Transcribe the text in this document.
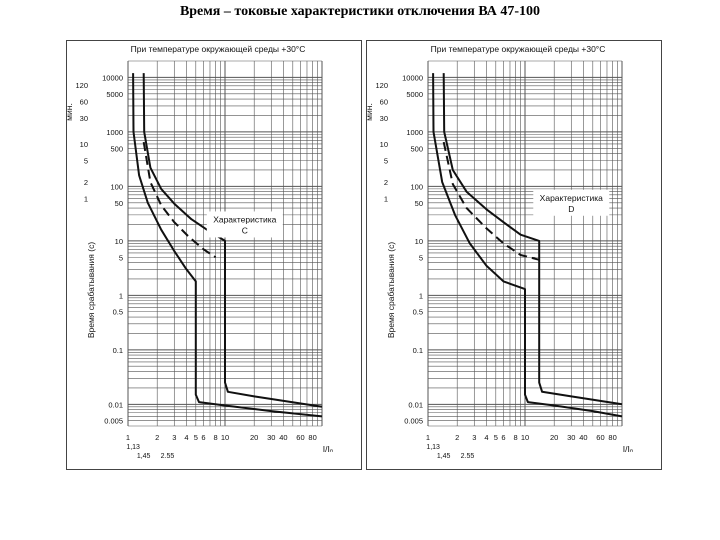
Время – токовые характеристики отключения ВА 47-100
При температуре окружающей среды +30°C
10000
5000
1000
500
100
50
10
5
1
0.5
0.1
0.01
0.005
120
60
30
10
5
2
1
Время срабатывания (с)
мин.
1	2 3 4 5 6 8 10	20 30 40 60 80
1,13
1,45 2.55
I/Iₙ
Характеристика
C
При температуре окружающей среды +30°C
10000
5000
1000
500
100
50
10
5
1
0.5
0.1
0.01
0.005
120
60
30
10
5
2
1
Время срабатывания (с)
мин.
1	2 3 4 5 6 8 10	20 30 40 60 80
1,13
1,45 2.55
I/Iₙ
Характеристика
D
